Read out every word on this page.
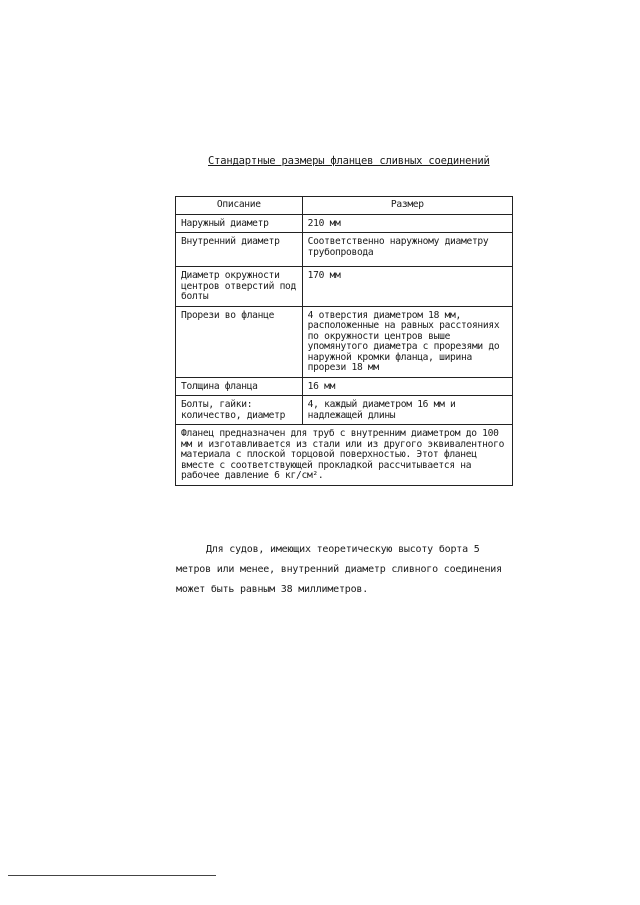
Стандартные размеры фланцев сливных соединений
Описание	Размер
Наружный диаметр	210 мм
Внутренний диаметр	Соответственно наружному диаметру трубопровода
Диаметр окружности центров отверстий под болты	170 мм
Прорези во фланце	4 отверстия диаметром 18 мм, расположенные на равных расстояниях по окружности центров выше упомянутого диаметра с прорезями до наружной кромки фланца, ширина прорези 18 мм
Толщина фланца	16 мм
Болты, гайки: количество, диаметр	4, каждый диаметром 16 мм и надлежащей длины
Фланец предназначен для труб с внутренним диаметром до 100 мм и изготавливается из стали или из другого эквивалентного материала с плоской торцовой поверхностью. Этот фланец вместе с соответствующей прокладкой рассчитывается на рабочее давление 6 кг/см².	
Для судов, имеющих теоретическую высоту борта 5 метров или менее, внутренний диаметр сливного соединения может быть равным 38 миллиметров.
